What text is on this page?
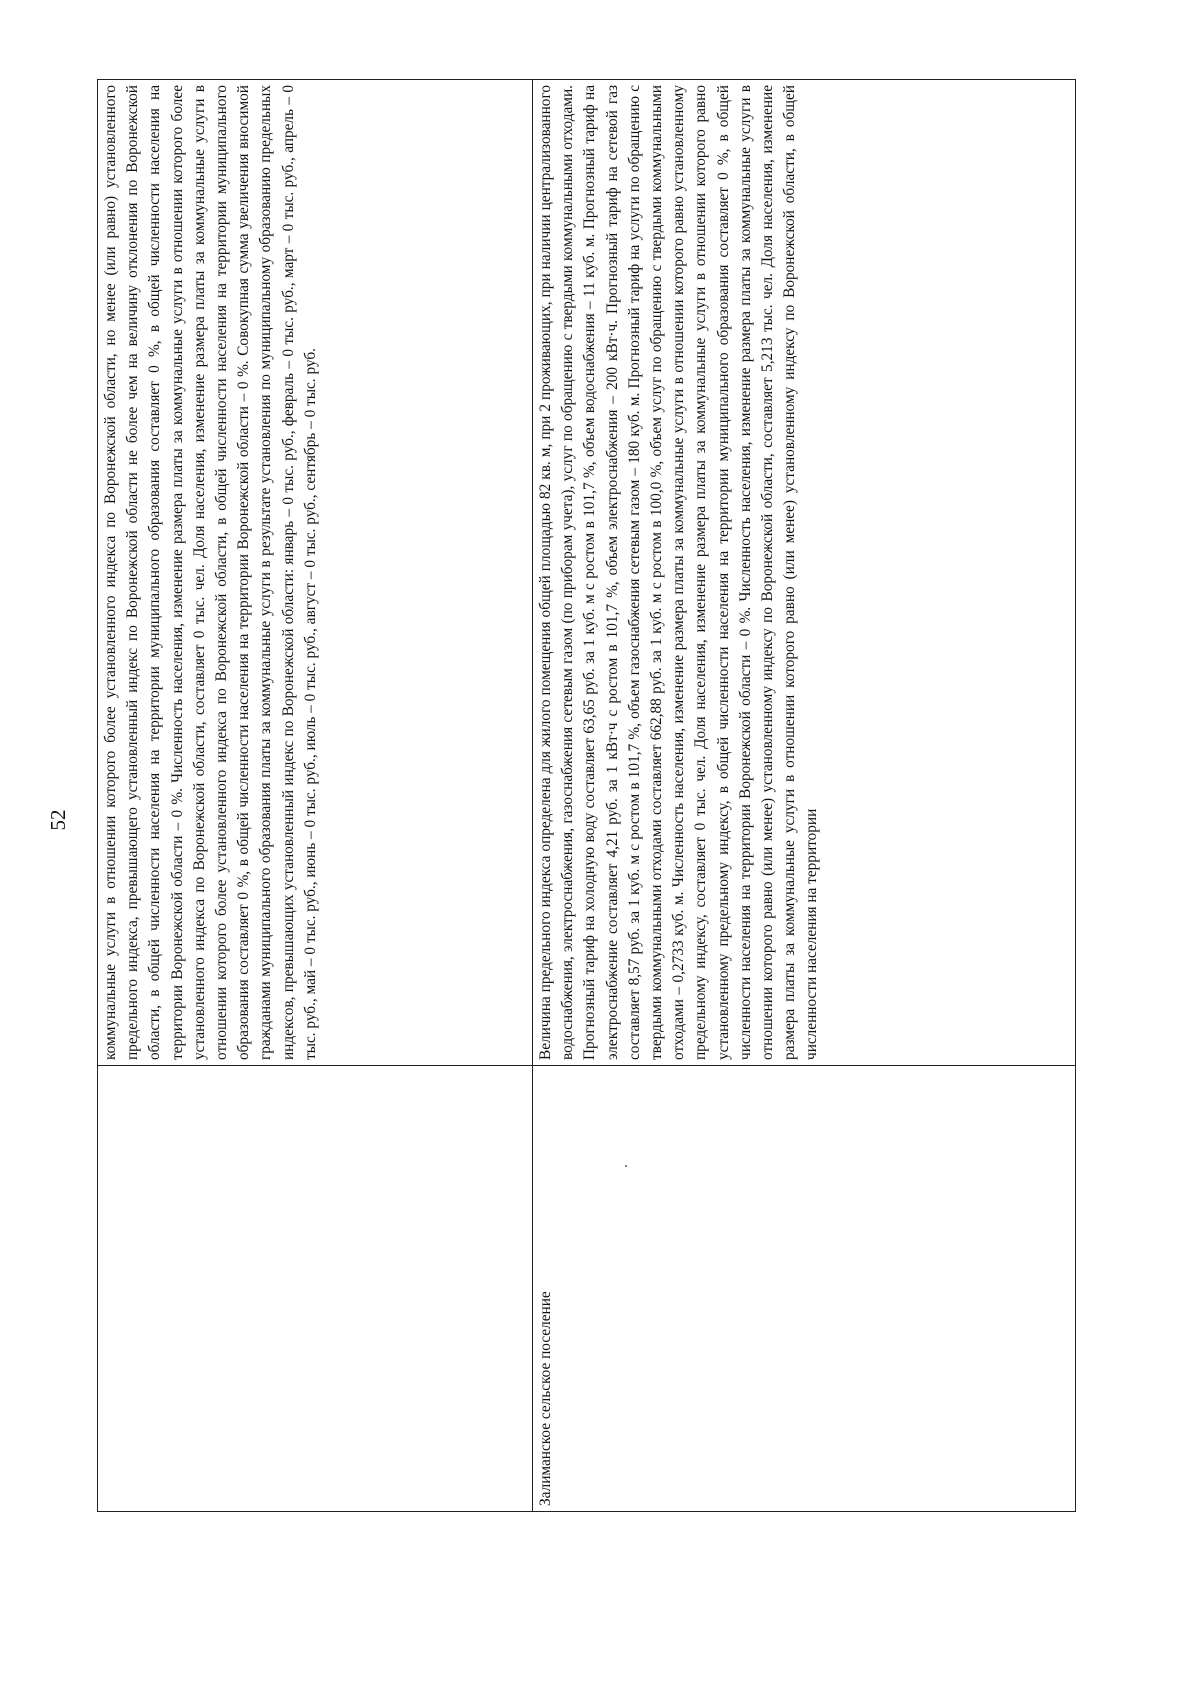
52
	коммунальные услуги в отношении которого более установленного индекса по Воронежской области, но менее (или равно) установленного предельного индекса, превышающего установленный индекс по Воронежской области не более чем на величину отклонения по Воронежской области, в общей численности населения на территории муниципального образования составляет 0 %, в общей численности населения на территории Воронежской области – 0 %. Численность населения, изменение размера платы за коммунальные услуги в отношении которого более установленного индекса по Воронежской области, составляет 0 тыс. чел. Доля населения, изменение размера платы за коммунальные услуги в отношении которого более установленного индекса по Воронежской области, в общей численности населения на территории муниципального образования составляет 0 %, в общей численности населения на территории Воронежской области – 0 %. Совокупная сумма увеличения вносимой гражданами муниципального образования платы за коммунальные услуги в результате установления по муниципальному образованию предельных индексов, превышающих установленный индекс по Воронежской области: январь – 0 тыс. руб., февраль – 0 тыс. руб., март – 0 тыс. руб., апрель – 0 тыс. руб., май – 0 тыс. руб., июнь – 0 тыс. руб., июль – 0 тыс. руб., август – 0 тыс. руб., сентябрь – 0 тыс. руб.
Залиманское сельское поселение	Величина предельного индекса определена для жилого помещения общей площадью 82 кв. м, при 2 проживающих, при наличии централизованного водоснабжения, электроснабжения, газоснабжения сетевым газом (по приборам учета), услуг по обращению с твердыми коммунальными отходами. Прогнозный тариф на холодную воду составляет 63,65 руб. за 1 куб. м с ростом в 101,7 %, объем водоснабжения – 11 куб. м. Прогнозный тариф на электроснабжение составляет 4,21 руб. за 1 кВт·ч с ростом в 101,7 %, объем электроснабжения – 200 кВт·ч. Прогнозный тариф на сетевой газ составляет 8,57 руб. за 1 куб. м с ростом в 101,7 %, объем газоснабжения сетевым газом – 180 куб. м. Прогнозный тариф на услуги по обращению с твердыми коммунальными отходами составляет 662,88 руб. за 1 куб. м с ростом в 100,0 %, объем услуг по обращению с твердыми коммунальными отходами – 0,2733 куб. м. Численность населения, изменение размера платы за коммунальные услуги в отношении которого равно установленному предельному индексу, составляет 0 тыс. чел. Доля населения, изменение размера платы за коммунальные услуги в отношении которого равно установленному предельному индексу, в общей численности населения на территории муниципального образования составляет 0 %, в общей численности населения на территории Воронежской области – 0 %. Численность населения, изменение размера платы за коммунальные услуги в отношении которого равно (или менее) установленному индексу по Воронежской области, составляет 5,213 тыс. чел. Доля населения, изменение размера платы за коммунальные услуги в отношении которого равно (или менее) установленному индексу по Воронежской области, в общей численности населения на территории
